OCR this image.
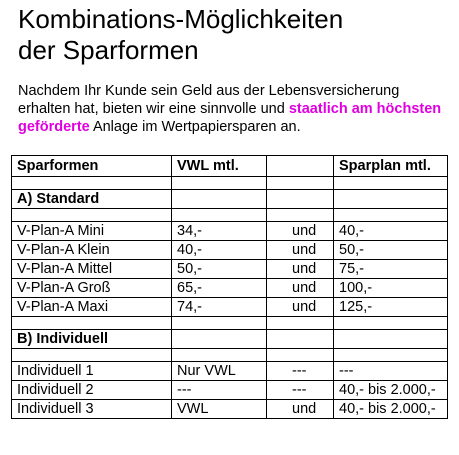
Kombinations-Möglichkeiten
der Sparformen
Nachdem Ihr Kunde sein Geld aus der Lebensversicherung erhalten hat, bieten wir eine sinnvolle und staatlich am höchsten geförderte Anlage im Wertpapiersparen an.
Sparformen	VWL mtl.		Sparplan mtl.

A) Standard			

V-Plan-A Mini	34,-	und	40,-
V-Plan-A Klein	40,-	und	50,-
V-Plan-A Mittel	50,-	und	75,-
V-Plan-A Groß	65,-	und	100,-
V-Plan-A Maxi	74,-	und	125,-

B) Individuell			

Individuell 1	Nur VWL	---	---
Individuell 2	---	---	40,- bis 2.000,-
Individuell 3	VWL	und	40,- bis 2.000,-
